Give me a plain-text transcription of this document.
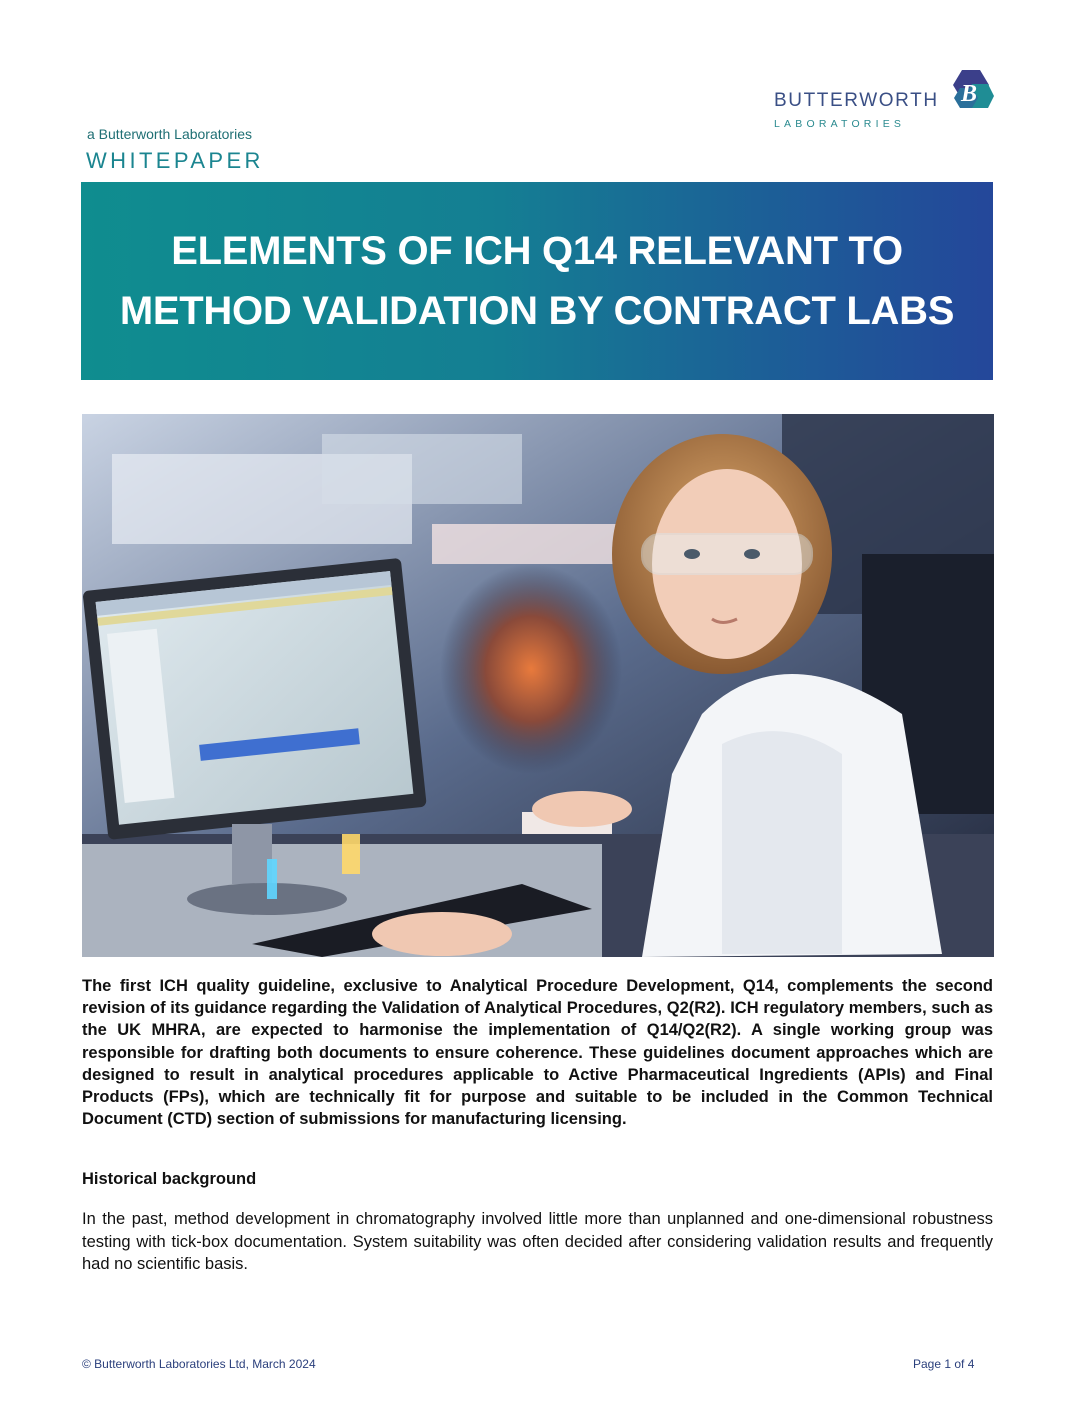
B
BUTTERWORTH
LABORATORIES
a Butterworth Laboratories
WHITEPAPER
ELEMENTS OF ICH Q14 RELEVANT TO
METHOD VALIDATION BY CONTRACT LABS
The first ICH quality guideline, exclusive to Analytical Procedure Development, Q14, complements the second revision of its guidance regarding the Validation of Analytical Procedures, Q2(R2). ICH regulatory members, such as the UK MHRA, are expected to harmonise the implementation of Q14/Q2(R2). A single working group was responsible for drafting both documents to ensure coherence. These guidelines document approaches which are designed to result in analytical procedures applicable to Active Pharmaceutical Ingredients (APIs) and Final Products (FPs), which are technically fit for purpose and suitable to be included in the Common Technical Document (CTD) section of submissions for manufacturing licensing.
Historical background
In the past, method development in chromatography involved little more than unplanned and one-dimensional robustness testing with tick-box documentation. System suitability was often decided after considering validation results and frequently had no scientific basis.
© Butterworth Laboratories Ltd, March 2024	Page 1 of 4
